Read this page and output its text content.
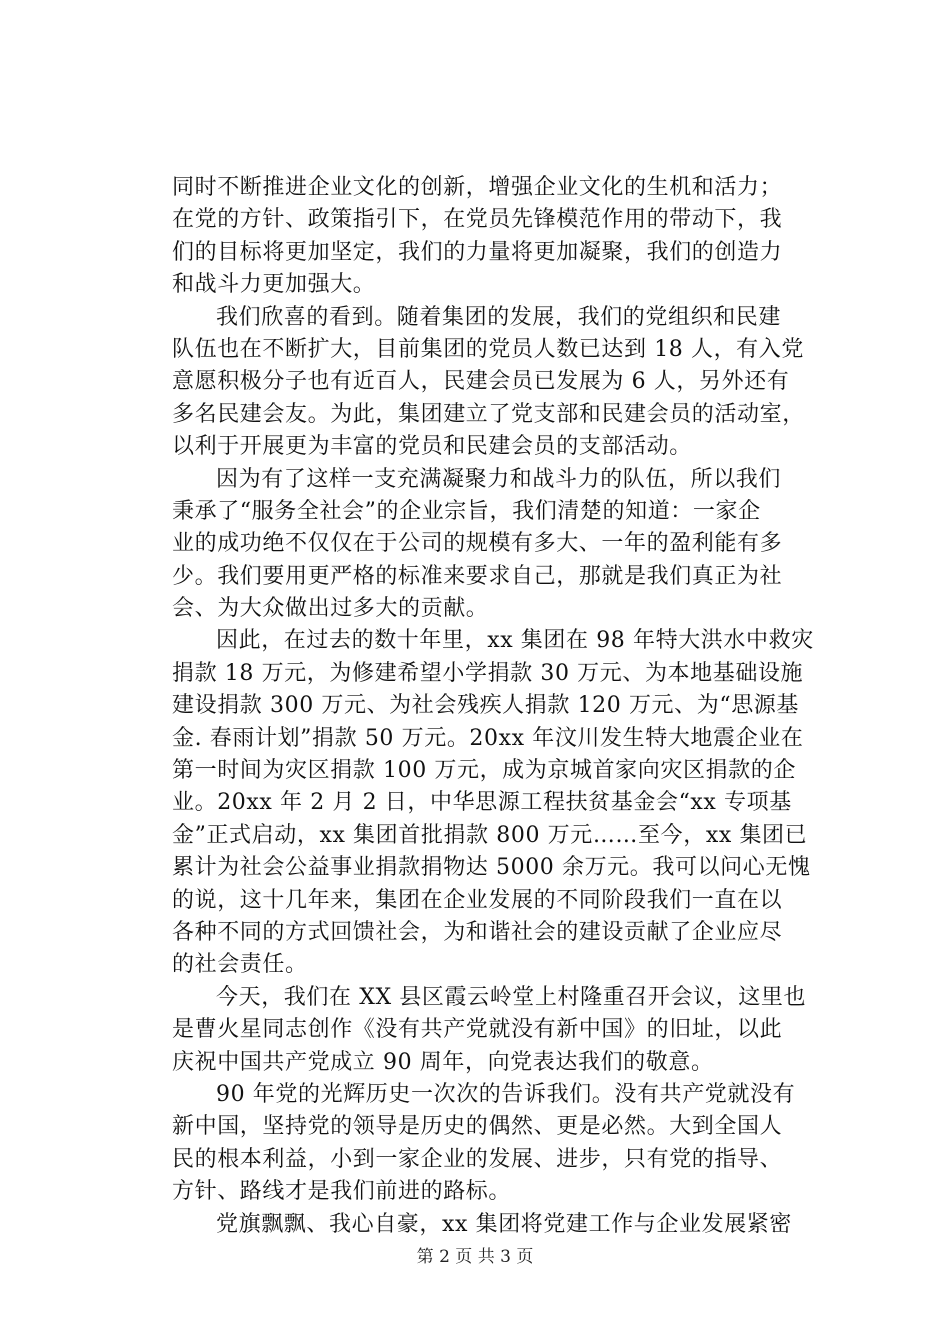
同时不断推进企业文化的创新，增强企业文化的生机和活力；
在党的方针、政策指引下，在党员先锋模范作用的带动下，我
们的目标将更加坚定，我们的力量将更加凝聚，我们的创造力
和战斗力更加强大。
我们欣喜的看到。随着集团的发展，我们的党组织和民建
队伍也在不断扩大，目前集团的党员人数已达到 18 人，有入党
意愿积极分子也有近百人，民建会员已发展为 6 人，另外还有
多名民建会友。为此，集团建立了党支部和民建会员的活动室，
以利于开展更为丰富的党员和民建会员的支部活动。
因为有了这样一支充满凝聚力和战斗力的队伍，所以我们
秉承了“服务全社会”的企业宗旨，我们清楚的知道：一家企
业的成功绝不仅仅在于公司的规模有多大、一年的盈利能有多
少。我们要用更严格的标准来要求自己，那就是我们真正为社
会、为大众做出过多大的贡献。
因此，在过去的数十年里，xx 集团在 98 年特大洪水中救灾
捐款 18 万元，为修建希望小学捐款 30 万元、为本地基础设施
建设捐款 300 万元、为社会残疾人捐款 120 万元、为“思源基
金. 春雨计划”捐款 50 万元。20xx 年汶川发生特大地震企业在
第一时间为灾区捐款 100 万元，成为京城首家向灾区捐款的企
业。20xx 年 2 月 2 日，中华思源工程扶贫基金会“xx 专项基
金”正式启动，xx 集团首批捐款 800 万元……至今，xx 集团已
累计为社会公益事业捐款捐物达 5000 余万元。我可以问心无愧
的说，这十几年来，集团在企业发展的不同阶段我们一直在以
各种不同的方式回馈社会，为和谐社会的建设贡献了企业应尽
的社会责任。
今天，我们在 XX 县区霞云岭堂上村隆重召开会议，这里也
是曹火星同志创作《没有共产党就没有新中国》的旧址，以此
庆祝中国共产党成立 90 周年，向党表达我们的敬意。
90 年党的光辉历史一次次的告诉我们。没有共产党就没有
新中国，坚持党的领导是历史的偶然、更是必然。大到全国人
民的根本利益，小到一家企业的发展、进步，只有党的指导、
方针、路线才是我们前进的路标。
党旗飘飘、我心自豪，xx 集团将党建工作与企业发展紧密
第 2 页 共 3 页
